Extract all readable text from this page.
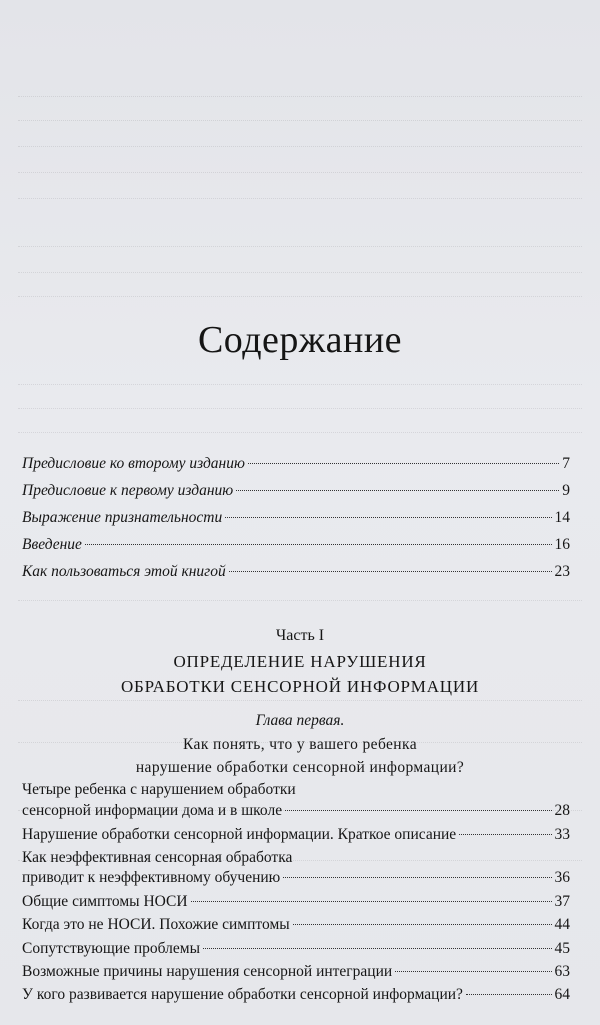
Содержание
Предисловие ко второму изданию	7
Предисловие к первому изданию	9
Выражение признательности	14
Введение	16
Как пользоваться этой книгой	23
Часть I
ОПРЕДЕЛЕНИЕ НАРУШЕНИЯ
ОБРАБОТКИ СЕНСОРНОЙ ИНФОРМАЦИИ
Глава первая.
Как понять, что у вашего ребенка
нарушение обработки сенсорной информации?
Четыре ребенка с нарушением обработки
сенсорной информации дома и в школе	28
Нарушение обработки сенсорной информации. Краткое описание	33
Как неэффективная сенсорная обработка
приводит к неэффективному обучению	36
Общие симптомы НОСИ	37
Когда это не НОСИ. Похожие симптомы	44
Сопутствующие проблемы	45
Возможные причины нарушения сенсорной интеграции	63
У кого развивается нарушение обработки сенсорной информации?	64
